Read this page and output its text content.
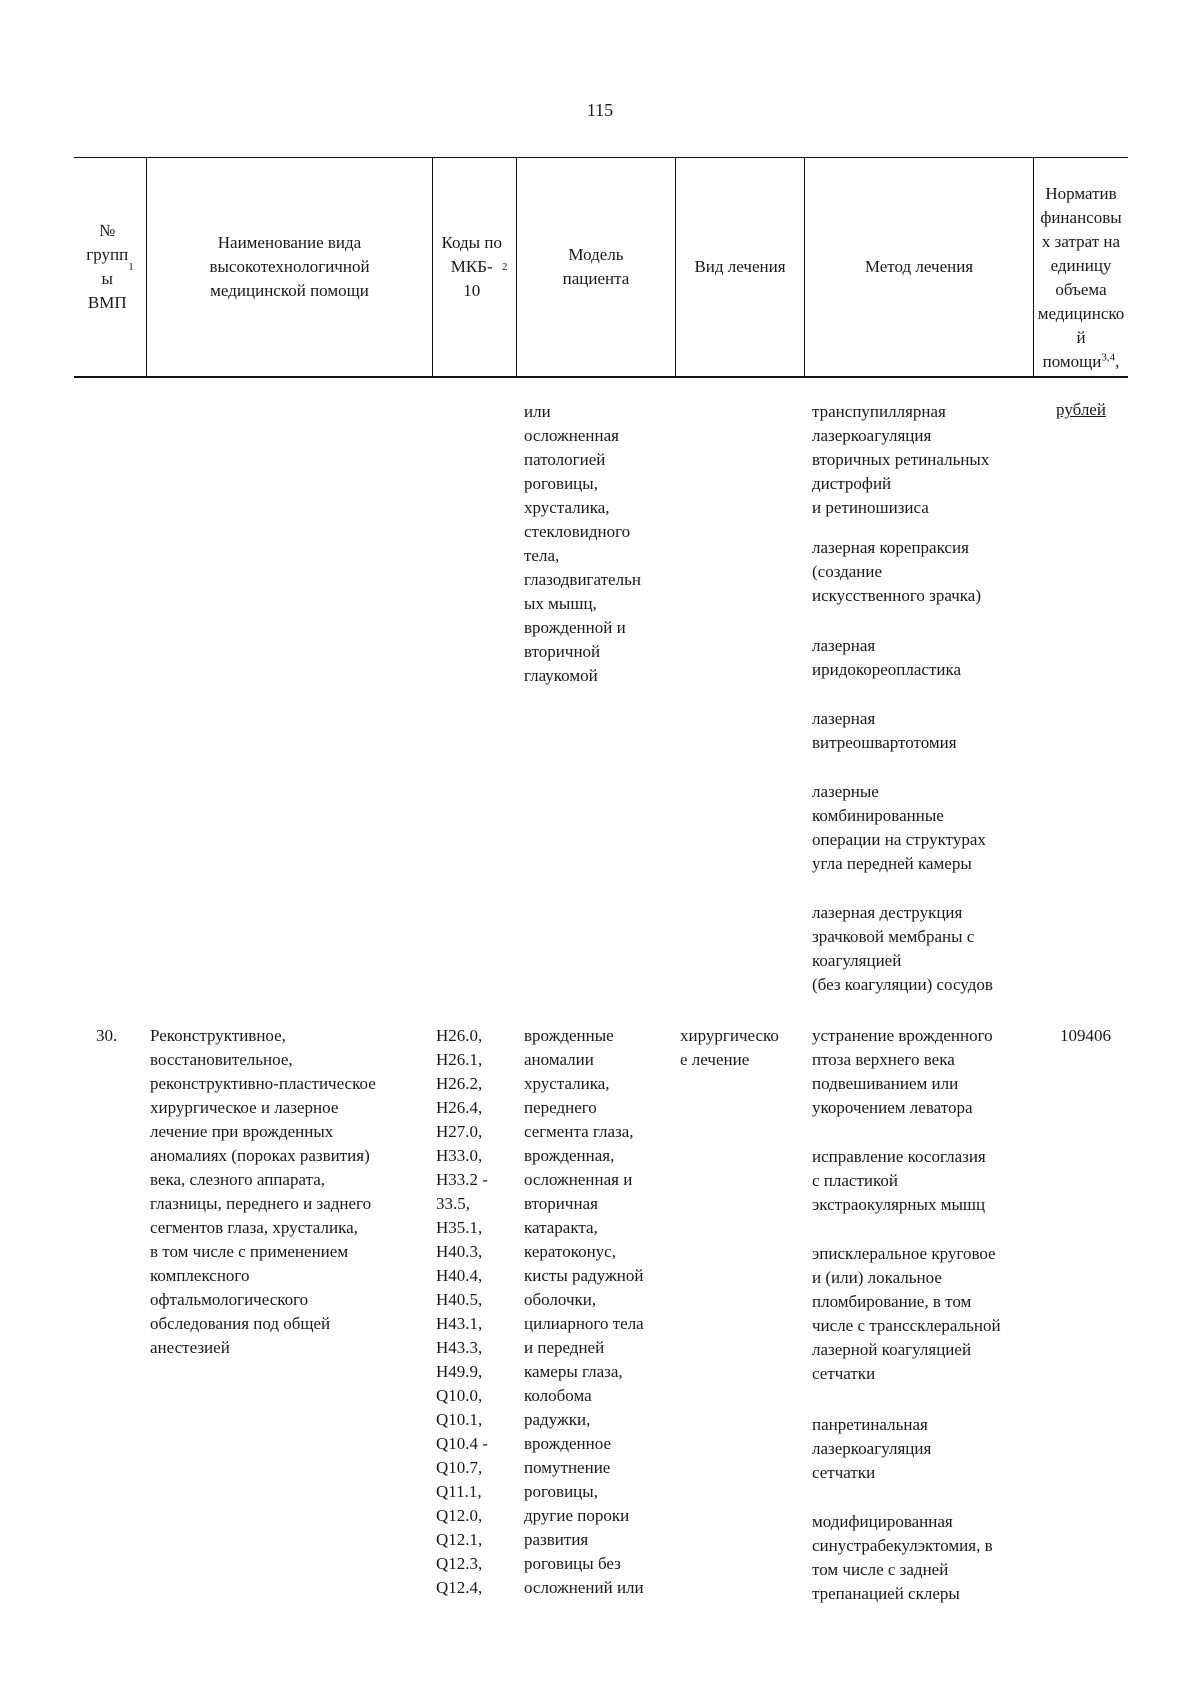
115
№
групп
ы
ВМП
1
Наименование вида
высокотехнологичной
медицинской помощи
Коды по
МКБ-
10
2
Модель
пациента
Вид лечения	Метод лечения

Норматив
финансовы
х затрат на
единицу
объема
медицинско
й
помощи$^{3,4}$,

рублей

или
осложненная
патологией
роговицы,
хрусталика,
стекловидного
тела,
глазодвигательн
ых мышц,
врожденной и
вторичной
глаукомой
транспупиллярная
лазеркоагуляция
вторичных ретинальных
дистрофий
и ретиношизиса
лазерная корепраксия
(создание
искусственного зрачка)
лазерная
иридокореопластика
лазерная
витреошвартотомия
лазерные
комбинированные
операции на структурах
угла передней камеры
лазерная деструкция
зрачковой мембраны с
коагуляцией
(без коагуляции) сосудов
30.	Реконструктивное,
восстановительное,
реконструктивно-пластическое
хирургическое и лазерное
лечение при врожденных
аномалиях (пороках развития)
века, слезного аппарата,
глазницы, переднего и заднего
сегментов глаза, хрусталика,
в том числе с применением
комплексного
офтальмологического
обследования под общей
анестезией
H26.0,
H26.1,
H26.2,
H26.4,
H27.0,
H33.0,
H33.2 -
33.5,
H35.1,
H40.3,
H40.4,
H40.5,
H43.1,
H43.3,
H49.9,
Q10.0,
Q10.1,
Q10.4 -
Q10.7,
Q11.1,
Q12.0,
Q12.1,
Q12.3,
Q12.4,
врожденные
аномалии
хрусталика,
переднего
сегмента глаза,
врожденная,
осложненная и
вторичная
катаракта,
кератоконус,
кисты радужной
оболочки,
цилиарного тела
и передней
камеры глаза,
колобома
радужки,
врожденное
помутнение
роговицы,
другие пороки
развития
роговицы без
осложнений или
хирургическо
е лечение
устранение врожденного
птоза верхнего века
подвешиванием или
укорочением леватора
исправление косоглазия
с пластикой
экстраокулярных мышц
эписклеральное круговое
и (или) локальное
пломбирование, в том
числе с транссклеральной
лазерной коагуляцией
сетчатки
панретинальная
лазеркоагуляция
сетчатки
модифицированная
синустрабекулэктомия, в
том числе с задней
трепанацией склеры
109406
